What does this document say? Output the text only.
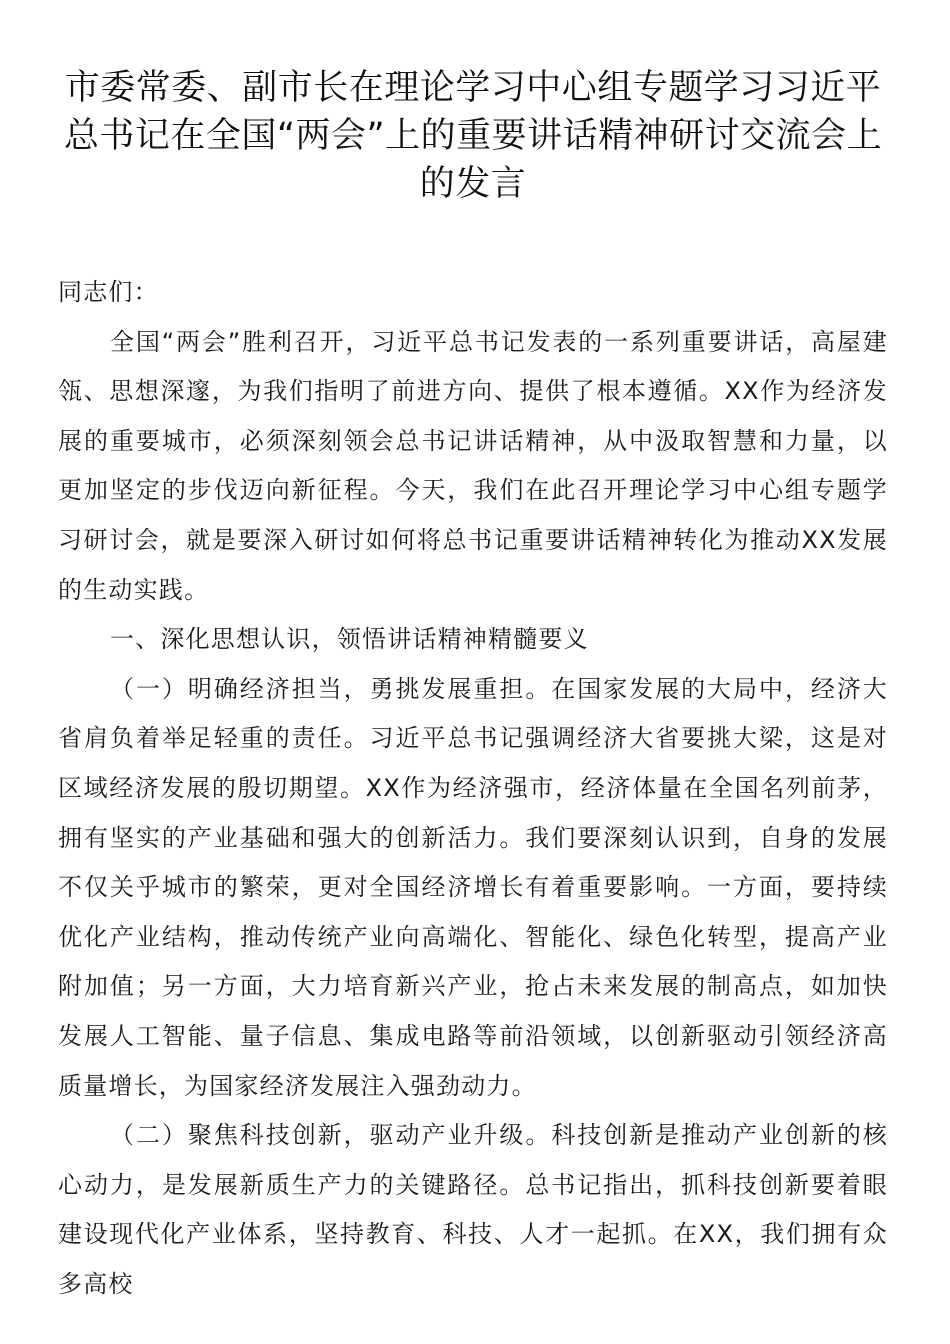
市委常委、副市长在理论学习中心组专题学习习近平总书记在全国“两会”上的重要讲话精神研讨交流会上的发言

同志们：

全国“两会”胜利召开，习近平总书记发表的一系列重要讲话，高屋建瓴、思想深邃，为我们指明了前进方向、提供了根本遵循。XX作为经济发展的重要城市，必须深刻领会总书记讲话精神，从中汲取智慧和力量，以更加坚定的步伐迈向新征程。今天，我们在此召开理论学习中心组专题学习研讨会，就是要深入研讨如何将总书记重要讲话精神转化为推动XX发展的生动实践。

一、深化思想认识，领悟讲话精神精髓要义

（一）明确经济担当，勇挑发展重担。在国家发展的大局中，经济大省肩负着举足轻重的责任。习近平总书记强调经济大省要挑大梁，这是对区域经济发展的殷切期望。XX作为经济强市，经济体量在全国名列前茅，拥有坚实的产业基础和强大的创新活力。我们要深刻认识到，自身的发展不仅关乎城市的繁荣，更对全国经济增长有着重要影响。一方面，要持续优化产业结构，推动传统产业向高端化、智能化、绿色化转型，提高产业附加值；另一方面，大力培育新兴产业，抢占未来发展的制高点，如加快发展人工智能、量子信息、集成电路等前沿领域，以创新驱动引领经济高质量增长，为国家经济发展注入强劲动力。

（二）聚焦科技创新，驱动产业升级。科技创新是推动产业创新的核心动力，是发展新质生产力的关键路径。总书记指出，抓科技创新要着眼建设现代化产业体系，坚持教育、科技、人才一起抓。在XX，我们拥有众多高校
